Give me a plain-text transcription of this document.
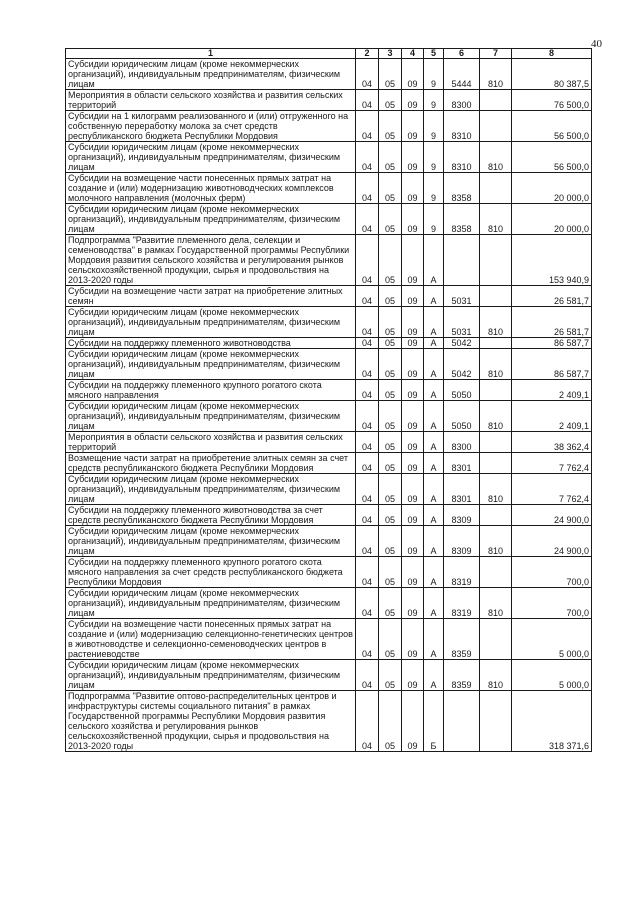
40
1	2	3	4	5	6	7	8
Субсидии юридическим лицам (кроме некоммерческих организаций), индивидуальным предпринимателям, физическим лицам	04	05	09	9	5444	810	80 387,5
Мероприятия в области сельского хозяйства и развития сельских территорий	04	05	09	9	8300		76 500,0
Субсидии на 1 килограмм реализованного и (или) отгруженного на собственную переработку молока за счет средств республиканского бюджета Республики Мордовия	04	05	09	9	8310		56 500,0
Субсидии юридическим лицам (кроме некоммерческих организаций), индивидуальным предпринимателям, физическим лицам	04	05	09	9	8310	810	56 500,0
Субсидии на возмещение части понесенных прямых затрат на создание и (или) модернизацию животноводческих комплексов молочного направления (молочных ферм)	04	05	09	9	8358		20 000,0
Субсидии юридическим лицам (кроме некоммерческих организаций), индивидуальным предпринимателям, физическим лицам	04	05	09	9	8358	810	20 000,0
Подпрограмма "Развитие племенного дела, селекции и семеноводства" в рамках Государственной программы Республики Мордовия развития сельского хозяйства и регулирования рынков сельскохозяйственной продукции, сырья и продовольствия на 2013-2020 годы	04	05	09	А			153 940,9
Субсидии на возмещение части затрат на приобретение элитных семян	04	05	09	А	5031		26 581,7
Субсидии юридическим лицам (кроме некоммерческих организаций), индивидуальным предпринимателям, физическим лицам	04	05	09	А	5031	810	26 581,7
Субсидии на поддержку племенного животноводства	04	05	09	А	5042		86 587,7
Субсидии юридическим лицам (кроме некоммерческих организаций), индивидуальным предпринимателям, физическим лицам	04	05	09	А	5042	810	86 587,7
Субсидии на поддержку племенного крупного рогатого скота мясного направления	04	05	09	А	5050		2 409,1
Субсидии юридическим лицам (кроме некоммерческих организаций), индивидуальным предпринимателям, физическим лицам	04	05	09	А	5050	810	2 409,1
Мероприятия в области сельского хозяйства и развития сельских территорий	04	05	09	А	8300		38 362,4
Возмещение части затрат на приобретение элитных семян за счет средств республиканского бюджета Республики Мордовия	04	05	09	А	8301		7 762,4
Субсидии юридическим лицам (кроме некоммерческих организаций), индивидуальным предпринимателям, физическим лицам	04	05	09	А	8301	810	7 762,4
Субсидии на поддержку племенного животноводства за счет средств республиканского бюджета Республики Мордовия	04	05	09	А	8309		24 900,0
Субсидии юридическим лицам (кроме некоммерческих организаций), индивидуальным предпринимателям, физическим лицам	04	05	09	А	8309	810	24 900,0
Субсидии на поддержку племенного крупного рогатого скота мясного направления за счет средств республиканского бюджета Республики Мордовия	04	05	09	А	8319		700,0
Субсидии юридическим лицам (кроме некоммерческих организаций), индивидуальным предпринимателям, физическим лицам	04	05	09	А	8319	810	700,0
Субсидии на возмещение части понесенных прямых затрат на создание и (или) модернизацию селекционно-генетических центров в животноводстве и селекционно-семеноводческих центров в растениеводстве	04	05	09	А	8359		5 000,0
Субсидии юридическим лицам (кроме некоммерческих организаций), индивидуальным предпринимателям, физическим лицам	04	05	09	А	8359	810	5 000,0
Подпрограмма "Развитие оптово-распределительных центров и инфраструктуры системы социального питания" в рамках Государственной программы Республики Мордовия развития сельского хозяйства и регулирования рынков сельскохозяйственной продукции, сырья и продовольствия на 2013-2020 годы	04	05	09	Б			318 371,6
